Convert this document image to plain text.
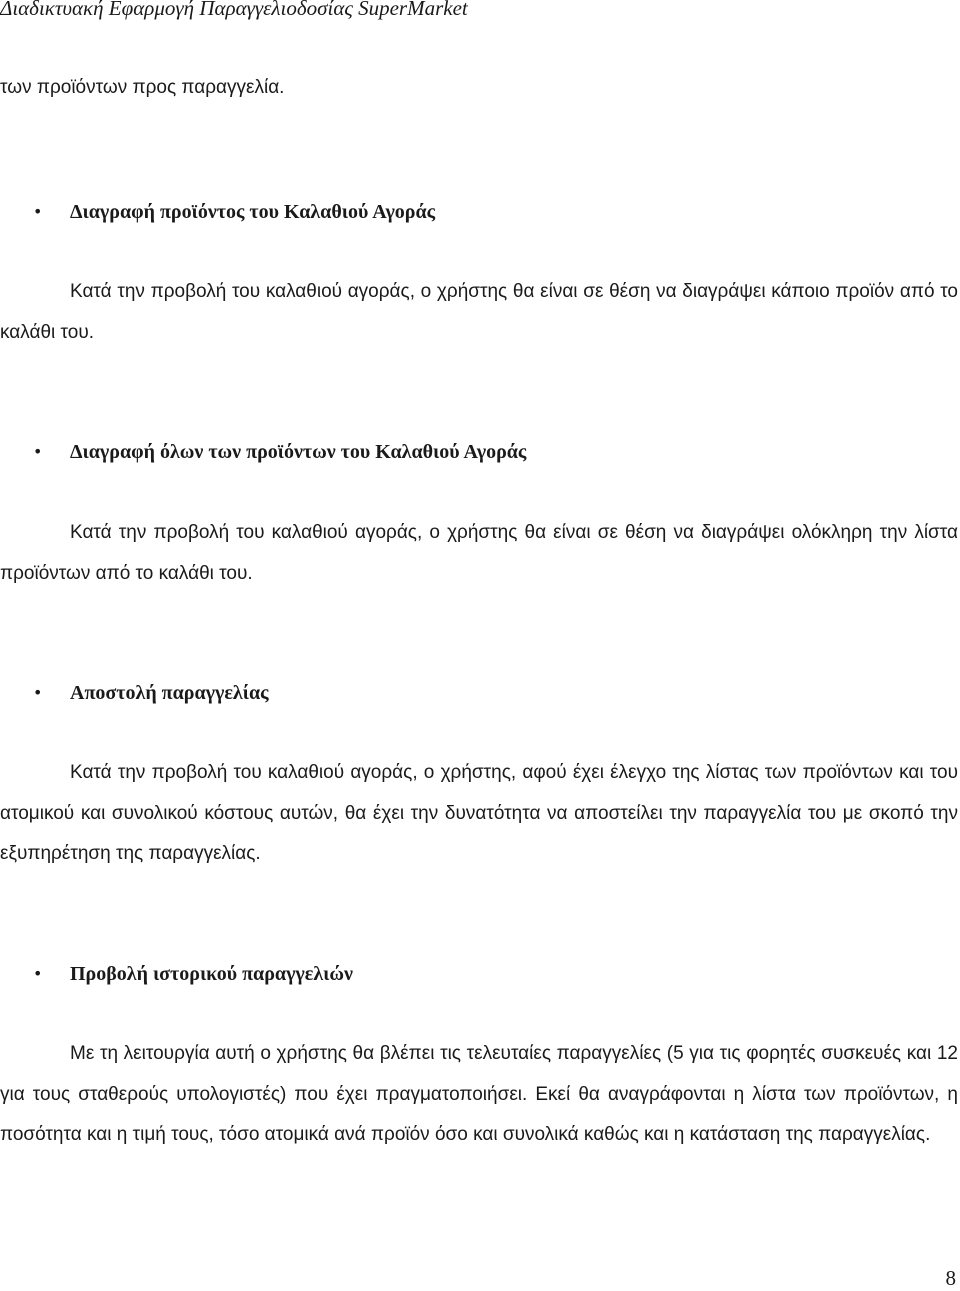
Διαδικτυακή Εφαρμογή Παραγγελιοδοσίας SuperMarket

των προϊόντων προς παραγγελία.

• Διαγραφή προϊόντος του Καλαθιού Αγοράς

Κατά την προβολή του καλαθιού αγοράς, ο χρήστης θα είναι σε θέση να διαγράψει κάποιο προϊόν από το καλάθι του.

• Διαγραφή όλων των προϊόντων του Καλαθιού Αγοράς

Κατά την προβολή του καλαθιού αγοράς, ο χρήστης θα είναι σε θέση να διαγράψει ολόκληρη την λίστα προϊόντων από το καλάθι του.

• Αποστολή παραγγελίας

Κατά την προβολή του καλαθιού αγοράς, ο χρήστης, αφού έχει έλεγχο της λίστας των προϊόντων και του ατομικού και συνολικού κόστους αυτών, θα έχει την δυνατότητα να αποστείλει την παραγγελία του με σκοπό την εξυπηρέτηση της παραγγελίας.

• Προβολή ιστορικού παραγγελιών

Με τη λειτουργία αυτή ο χρήστης θα βλέπει τις τελευταίες παραγγελίες (5 για τις φορητές συσκευές και 12 για τους σταθερούς υπολογιστές) που έχει πραγματοποιήσει. Εκεί θα αναγράφονται η λίστα των προϊόντων, η ποσότητα και η τιμή τους, τόσο ατομικά ανά προϊόν όσο και συνολικά καθώς και η κατάσταση της παραγγελίας.

8
